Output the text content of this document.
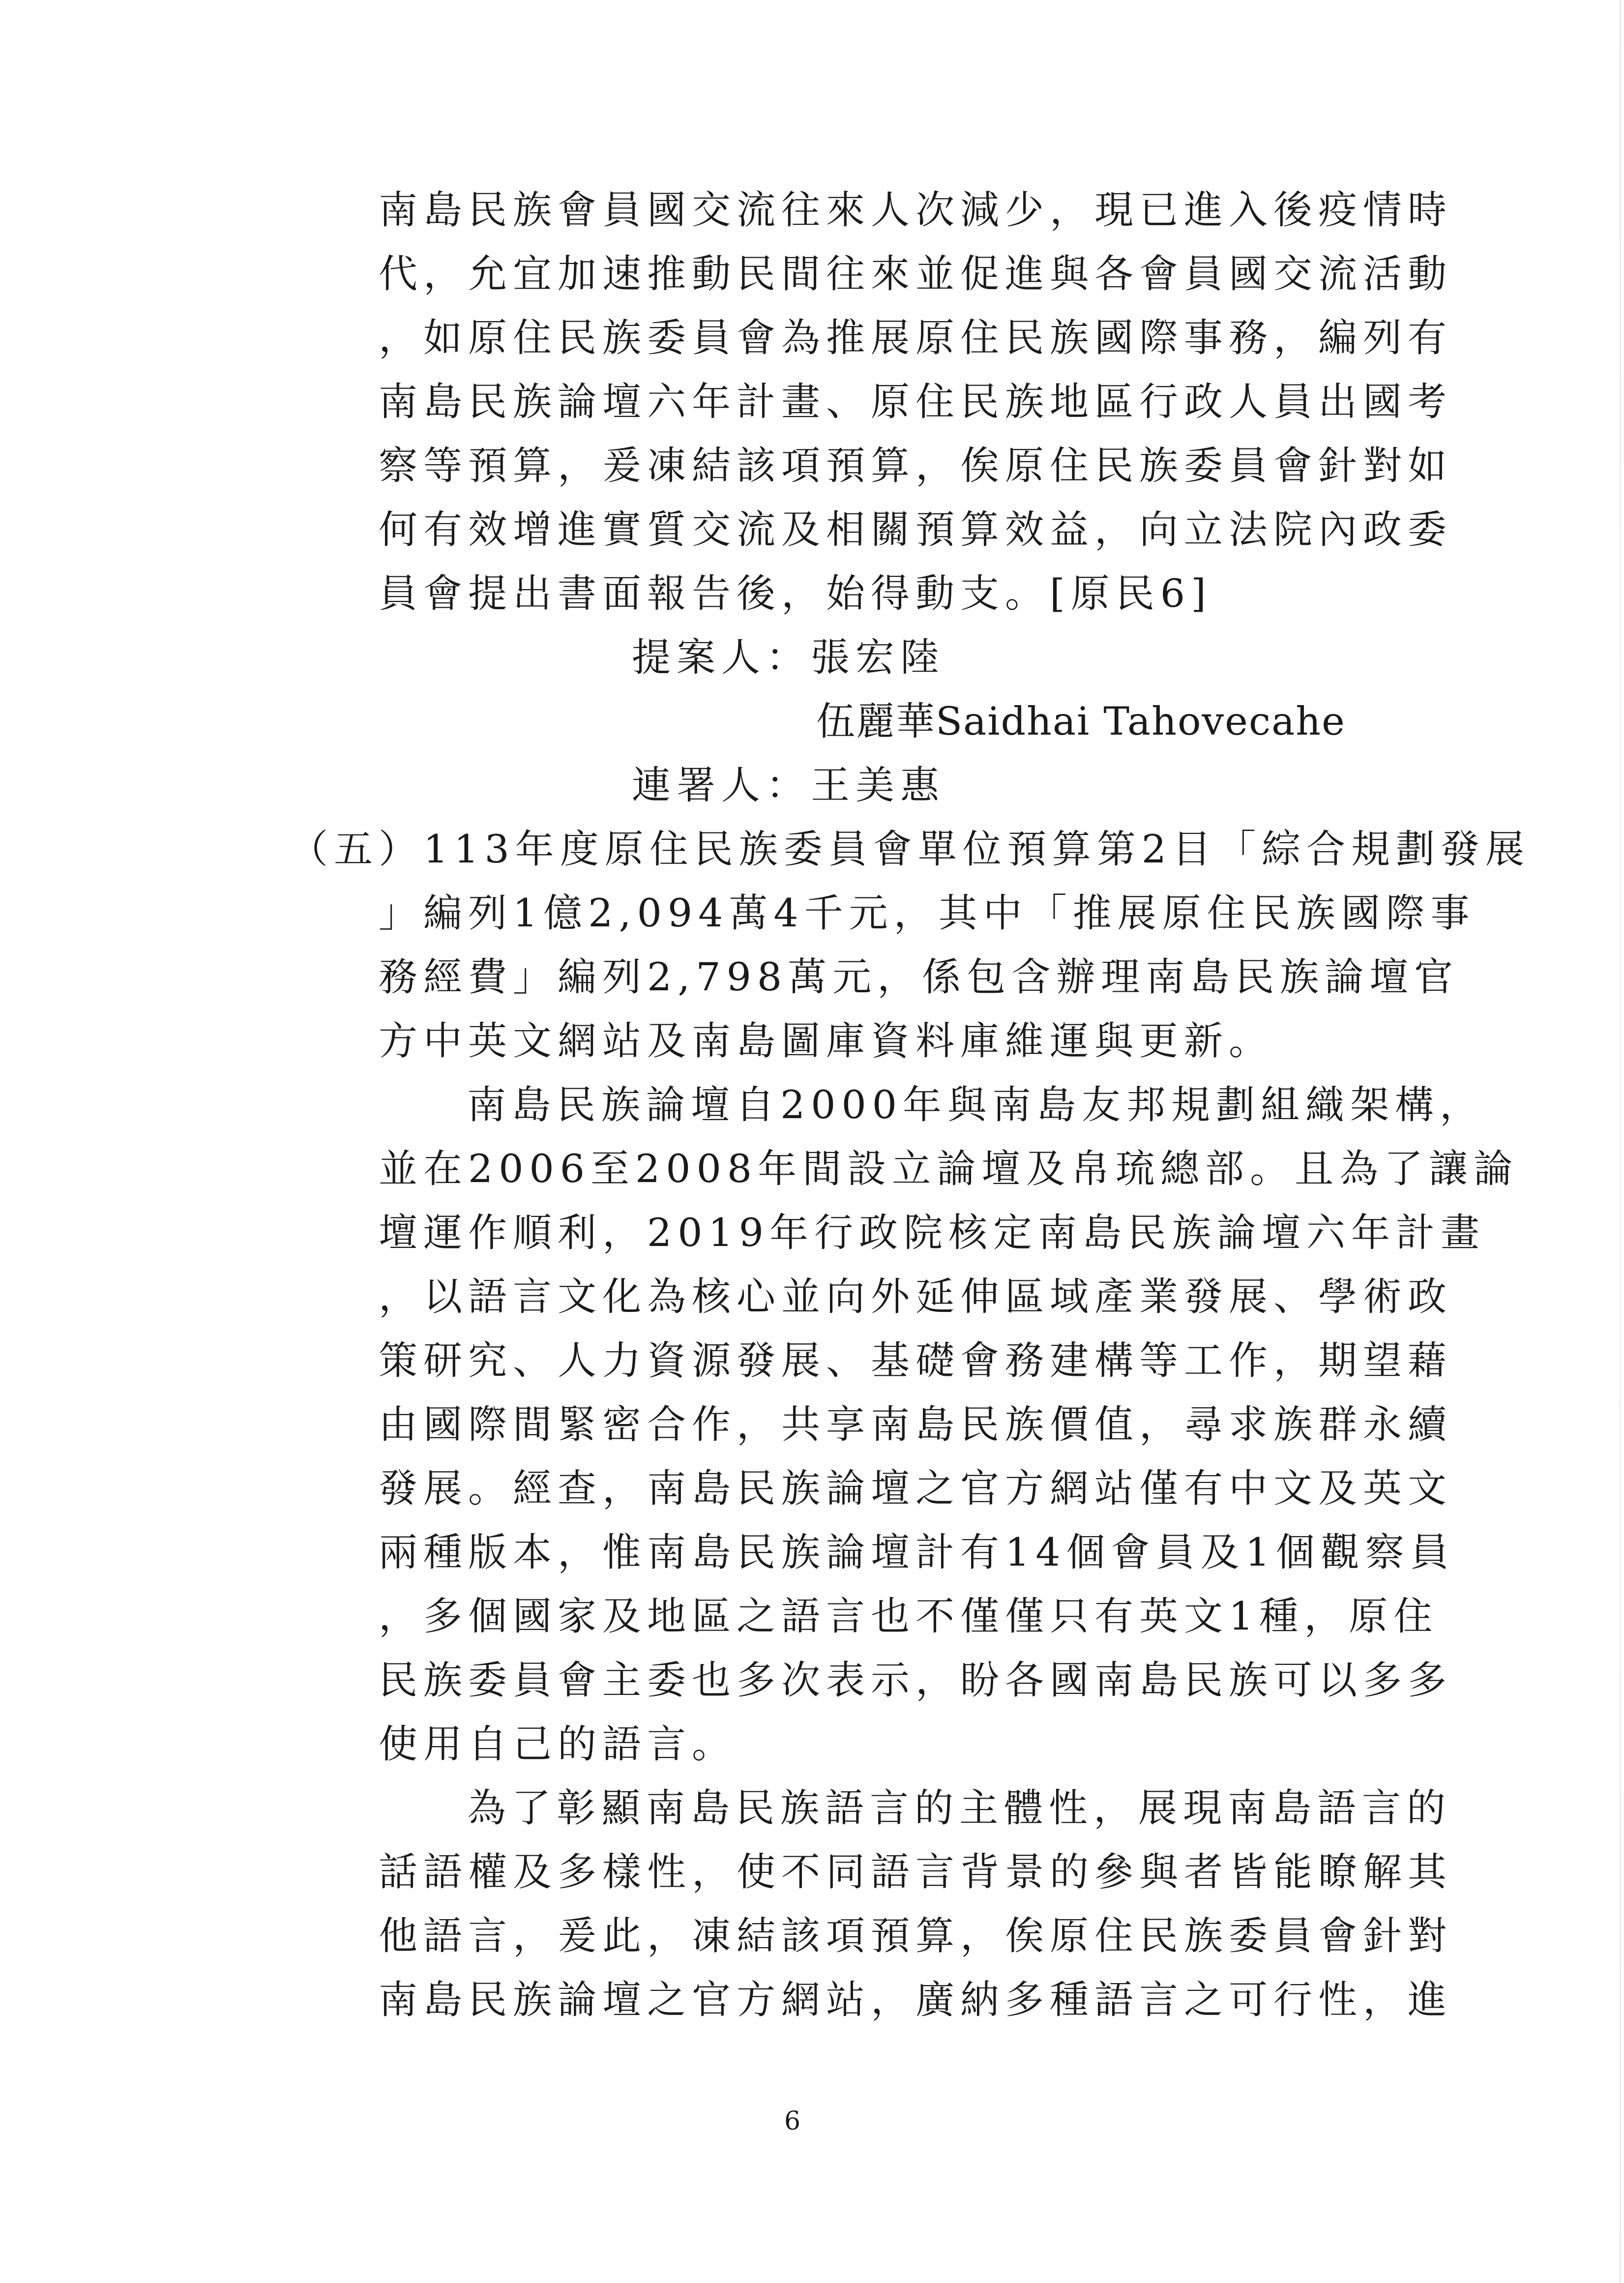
南島民族會員國交流往來人次減少，現已進入後疫情時
代，允宜加速推動民間往來並促進與各會員國交流活動
，如原住民族委員會為推展原住民族國際事務，編列有
南島民族論壇六年計畫、原住民族地區行政人員出國考
察等預算，爰凍結該項預算，俟原住民族委員會針對如
何有效增進實質交流及相關預算效益，向立法院內政委
員會提出書面報告後，始得動支。[原民6]
提案人：張宏陸
伍麗華Saidhai Tahovecahe
連署人：王美惠
（五）113年度原住民族委員會單位預算第2目「綜合規劃發展
」編列1億2,094萬4千元，其中「推展原住民族國際事
務經費」編列2,798萬元，係包含辦理南島民族論壇官
方中英文網站及南島圖庫資料庫維運與更新。
南島民族論壇自2000年與南島友邦規劃組織架構，
並在2006至2008年間設立論壇及帛琉總部。且為了讓論
壇運作順利，2019年行政院核定南島民族論壇六年計畫
，以語言文化為核心並向外延伸區域產業發展、學術政
策研究、人力資源發展、基礎會務建構等工作，期望藉
由國際間緊密合作，共享南島民族價值，尋求族群永續
發展。經查，南島民族論壇之官方網站僅有中文及英文
兩種版本，惟南島民族論壇計有14個會員及1個觀察員
，多個國家及地區之語言也不僅僅只有英文1種，原住
民族委員會主委也多次表示，盼各國南島民族可以多多
使用自己的語言。
為了彰顯南島民族語言的主體性，展現南島語言的
話語權及多樣性，使不同語言背景的參與者皆能瞭解其
他語言，爰此，凍結該項預算，俟原住民族委員會針對
南島民族論壇之官方網站，廣納多種語言之可行性，進
6
